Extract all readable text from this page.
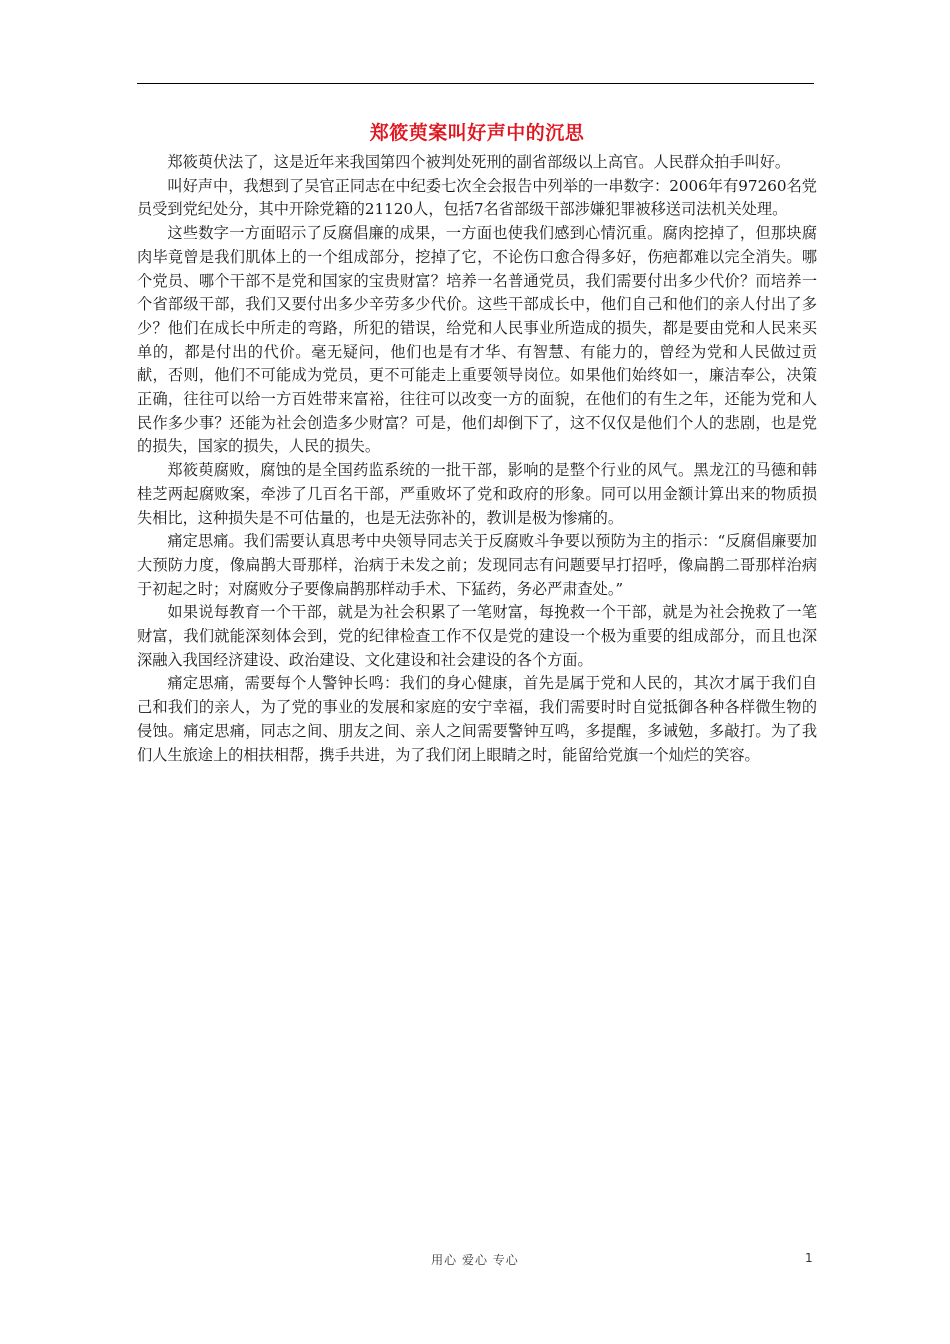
郑筱萸案叫好声中的沉思

郑筱萸伏法了，这是近年来我国第四个被判处死刑的副省部级以上高官。人民群众拍手叫好。

叫好声中，我想到了吴官正同志在中纪委七次全会报告中列举的一串数字：2006年有97260名党员受到党纪处分，其中开除党籍的21120人，包括7名省部级干部涉嫌犯罪被移送司法机关处理。

这些数字一方面昭示了反腐倡廉的成果，一方面也使我们感到心情沉重。腐肉挖掉了，但那块腐肉毕竟曾是我们肌体上的一个组成部分，挖掉了它，不论伤口愈合得多好，伤疤都难以完全消失。哪个党员、哪个干部不是党和国家的宝贵财富？培养一名普通党员，我们需要付出多少代价？而培养一个省部级干部，我们又要付出多少辛劳多少代价。这些干部成长中，他们自己和他们的亲人付出了多少？他们在成长中所走的弯路，所犯的错误，给党和人民事业所造成的损失，都是要由党和人民来买单的，都是付出的代价。毫无疑问，他们也是有才华、有智慧、有能力的，曾经为党和人民做过贡献，否则，他们不可能成为党员，更不可能走上重要领导岗位。如果他们始终如一，廉洁奉公，决策正确，往往可以给一方百姓带来富裕，往往可以改变一方的面貌，在他们的有生之年，还能为党和人民作多少事？还能为社会创造多少财富？可是，他们却倒下了，这不仅仅是他们个人的悲剧，也是党的损失，国家的损失，人民的损失。

郑筱萸腐败，腐蚀的是全国药监系统的一批干部，影响的是整个行业的风气。黑龙江的马德和韩桂芝两起腐败案，牵涉了几百名干部，严重败坏了党和政府的形象。同可以用金额计算出来的物质损失相比，这种损失是不可估量的，也是无法弥补的，教训是极为惨痛的。

痛定思痛。我们需要认真思考中央领导同志关于反腐败斗争要以预防为主的指示：“反腐倡廉要加大预防力度，像扁鹊大哥那样，治病于未发之前；发现同志有问题要早打招呼，像扁鹊二哥那样治病于初起之时；对腐败分子要像扁鹊那样动手术、下猛药，务必严肃查处。”

如果说每教育一个干部，就是为社会积累了一笔财富，每挽救一个干部，就是为社会挽救了一笔财富，我们就能深刻体会到，党的纪律检查工作不仅是党的建设一个极为重要的组成部分，而且也深深融入我国经济建设、政治建设、文化建设和社会建设的各个方面。

痛定思痛，需要每个人警钟长鸣：我们的身心健康，首先是属于党和人民的，其次才属于我们自己和我们的亲人，为了党的事业的发展和家庭的安宁幸福，我们需要时时自觉抵御各种各样微生物的侵蚀。痛定思痛，同志之间、朋友之间、亲人之间需要警钟互鸣，多提醒，多诫勉，多敲打。为了我们人生旅途上的相扶相帮，携手共进，为了我们闭上眼睛之时，能留给党旗一个灿烂的笑容。

用心 爱心 专心	1
